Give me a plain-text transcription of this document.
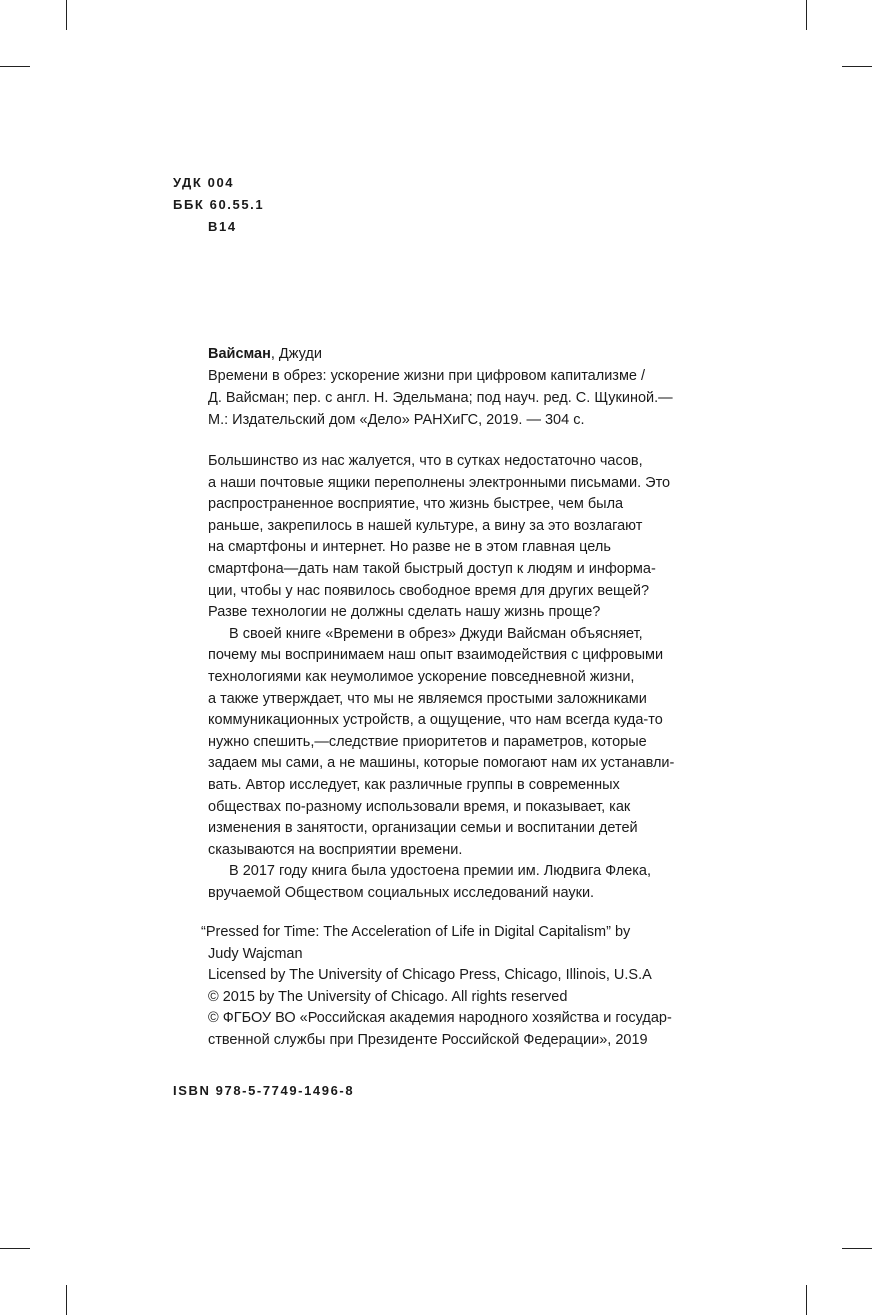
УДК 004
ББК 60.55.1
В14
Вайсман, Джуди
Времени в обрез: ускорение жизни при цифровом капитализме /
Д. Вайсман; пер. с англ. Н. Эдельмана; под науч. ред. С. Щукиной.—
М.: Издательский дом «Дело» РАНХиГС, 2019. — 304 с.
Большинство из нас жалуется, что в сутках недостаточно часов,
а наши почтовые ящики переполнены электронными письмами. Это
распространенное восприятие, что жизнь быстрее, чем была
раньше, закрепилось в нашей культуре, а вину за это возлагают
на смартфоны и интернет. Но разве не в этом главная цель
смартфона—дать нам такой быстрый доступ к людям и информа-
ции, чтобы у нас появилось свободное время для других вещей?
Разве технологии не должны сделать нашу жизнь проще?
В своей книге «Времени в обрез» Джуди Вайсман объясняет,
почему мы воспринимаем наш опыт взаимодействия с цифровыми
технологиями как неумолимое ускорение повседневной жизни,
а также утверждает, что мы не являемся простыми заложниками
коммуникационных устройств, а ощущение, что нам всегда куда-то
нужно спешить,—следствие приоритетов и параметров, которые
задаем мы сами, а не машины, которые помогают нам их устанавли-
вать. Автор исследует, как различные группы в современных
обществах по-разному использовали время, и показывает, как
изменения в занятости, организации семьи и воспитании детей
сказываются на восприятии времени.
В 2017 году книга была удостоена премии им. Людвига Флека,
вручаемой Обществом социальных исследований науки.
“Pressed for Time: The Acceleration of Life in Digital Capitalism” by
Judy Wajcman
Licensed by The University of Chicago Press, Chicago, Illinois, U.S.A
© 2015 by The University of Chicago. All rights reserved
© ФГБОУ ВО «Российская академия народного хозяйства и государ-
ственной службы при Президенте Российской Федерации», 2019
ISBN 978-5-7749-1496-8
